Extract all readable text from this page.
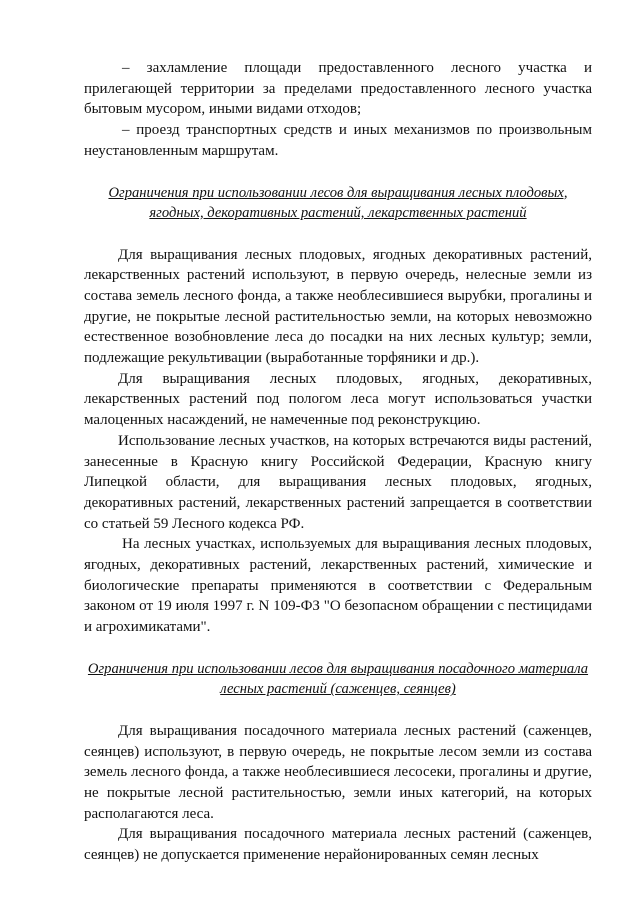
– захламление площади предоставленного лесного участка и прилегающей территории за пределами предоставленного лесного участка бытовым мусором, иными видами отходов;

– проезд транспортных средств и иных механизмов по произвольным неустановленным маршрутам.

Ограничения при использовании лесов для выращивания лесных плодовых, ягодных, декоративных растений, лекарственных растений

Для выращивания лесных плодовых, ягодных декоративных растений, лекарственных растений используют, в первую очередь, нелесные земли из состава земель лесного фонда, а также необлесившиеся вырубки, прогалины и другие, не покрытые лесной растительностью земли, на которых невозможно естественное возобновление леса до посадки на них лесных культур; земли, подлежащие рекультивации (выработанные торфяники и др.).

Для выращивания лесных плодовых, ягодных, декоративных, лекарственных растений под пологом леса могут использоваться участки малоценных насаждений, не намеченные под реконструкцию.

Использование лесных участков, на которых встречаются виды растений, занесенные в Красную книгу Российской Федерации, Красную книгу Липецкой области, для выращивания лесных плодовых, ягодных, декоративных растений, лекарственных растений запрещается в соответствии со статьей 59 Лесного кодекса РФ.

На лесных участках, используемых для выращивания лесных плодовых, ягодных, декоративных растений, лекарственных растений, химические и биологические препараты применяются в соответствии с Федеральным законом от 19 июля 1997 г. N 109-ФЗ "О безопасном обращении с пестицидами и агрохимикатами".

Ограничения при использовании лесов для выращивания посадочного материала лесных растений (саженцев, сеянцев)

Для выращивания посадочного материала лесных растений (саженцев, сеянцев) используют, в первую очередь, не покрытые лесом земли из состава земель лесного фонда, а также необлесившиеся лесосеки, прогалины и другие, не покрытые лесной растительностью, земли иных категорий, на которых располагаются леса.

Для выращивания посадочного материала лесных растений (саженцев, сеянцев) не допускается применение нерайонированных семян лесных
